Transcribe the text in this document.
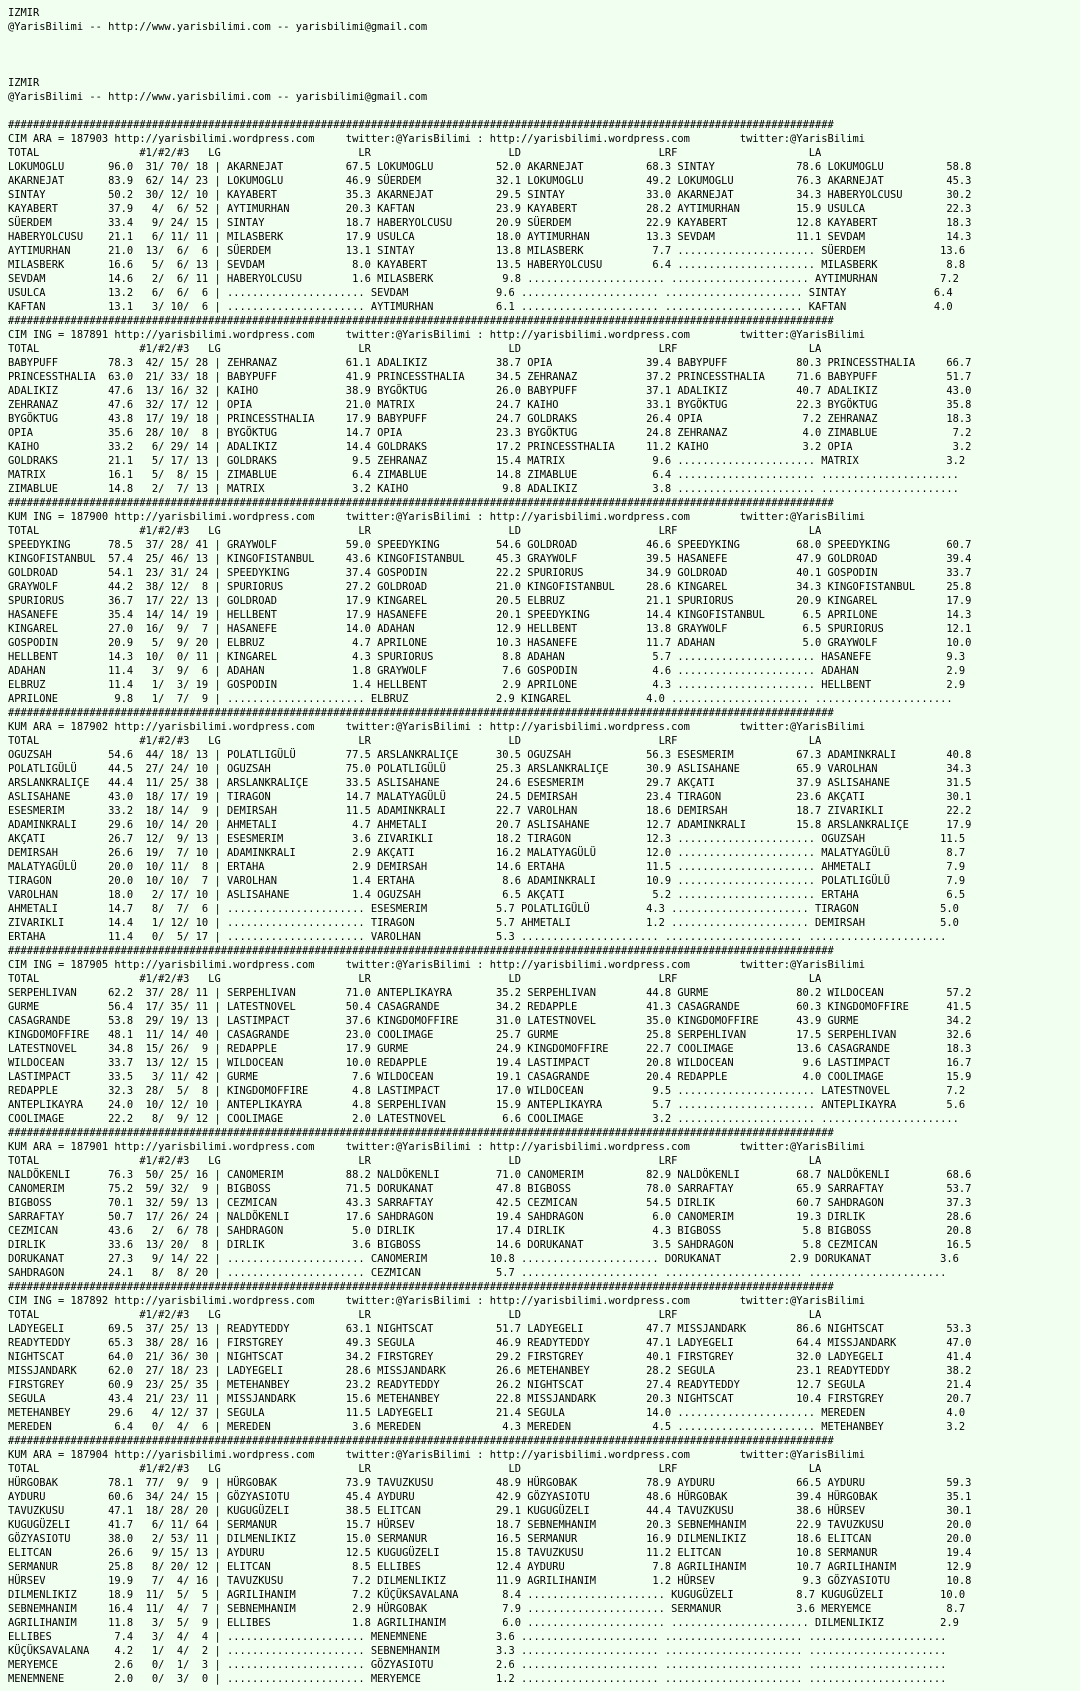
IZMIR
@YarisBilimi -- http://www.yarisbilimi.com -- yarisbilimi@gmail.com
IZMIR
@YarisBilimi -- http://www.yarisbilimi.com -- yarisbilimi@gmail.com
####################################################################################################################################
CIM ARA = 187903 http://yarisbilimi.wordpress.com     twitter:@YarisBilimi : http://yarisbilimi.wordpress.com        twitter:@YarisBilimi
TOTAL                #1/#2/#3   LG                      LR                      LD                      LRF                     LA
LOKUMOGLU       96.0  31/ 70/ 18 | AKARNEJAT          67.5 LOKUMOGLU          52.0 AKARNEJAT          68.3 SINTAY             78.6 LOKUMOGLU          58.8
AKARNEJAT       83.9  62/ 14/ 23 | LOKUMOGLU          46.9 SÜERDEM            32.1 LOKUMOGLU          49.2 LOKUMOGLU          76.3 AKARNEJAT          45.3
SINTAY          50.2  30/ 12/ 10 | KAYABERT           35.3 AKARNEJAT          29.5 SINTAY             33.0 AKARNEJAT          34.3 HABERYOLCUSU       30.2
KAYABERT        37.9   4/  6/ 52 | AYTIMURHAN         20.3 KAFTAN             23.9 KAYABERT           28.2 AYTIMURHAN         15.9 USULCA             22.3
SÜERDEM         33.4   9/ 24/ 15 | SINTAY             18.7 HABERYOLCUSU       20.9 SÜERDEM            22.9 KAYABERT           12.8 KAYABERT           18.3
HABERYOLCUSU    21.1   6/ 11/ 11 | MILASBERK          17.9 USULCA             18.0 AYTIMURHAN         13.3 SEVDAM             11.1 SEVDAM             14.3
AYTIMURHAN      21.0  13/  6/  6 | SÜERDEM            13.1 SINTAY             13.8 MILASBERK           7.7 ...................... SÜERDEM            13.6
MILASBERK       16.6   5/  6/ 13 | SEVDAM              8.0 KAYABERT           13.5 HABERYOLCUSU        6.4 ...................... MILASBERK           8.8
SEVDAM          14.6   2/  6/ 11 | HABERYOLCUSU        1.6 MILASBERK           9.8 ...................... ...................... AYTIMURHAN          7.2
USULCA          13.2   6/  6/  6 | ...................... SEVDAM              9.6 ...................... ...................... SINTAY              6.4
KAFTAN          13.1   3/ 10/  6 | ...................... AYTIMURHAN          6.1 ...................... ...................... KAFTAN              4.0
####################################################################################################################################
CIM ING = 187891 http://yarisbilimi.wordpress.com     twitter:@YarisBilimi : http://yarisbilimi.wordpress.com        twitter:@YarisBilimi
TOTAL                #1/#2/#3   LG                      LR                      LD                      LRF                     LA
BABYPUFF        78.3  42/ 15/ 28 | ZEHRANAZ           61.1 ADALIKIZ           38.7 OPIA               39.4 BABYPUFF           80.3 PRINCESSTHALIA     66.7
PRINCESSTHALIA  63.0  21/ 33/ 18 | BABYPUFF           41.9 PRINCESSTHALIA     34.5 ZEHRANAZ           37.2 PRINCESSTHALIA     71.6 BABYPUFF           51.7
ADALIKIZ        47.6  13/ 16/ 32 | KAIHO              38.9 BYGÖKTUG           26.0 BABYPUFF           37.1 ADALIKIZ           40.7 ADALIKIZ           43.0
ZEHRANAZ        47.6  32/ 17/ 12 | OPIA               21.0 MATRIX             24.7 KAIHO              33.1 BYGÖKTUG           22.3 BYGÖKTUG           35.8
BYGÖKTUG        43.8  17/ 19/ 18 | PRINCESSTHALIA     17.9 BABYPUFF           24.7 GOLDRAKS           26.4 OPIA                7.2 ZEHRANAZ           18.3
OPIA            35.6  28/ 10/  8 | BYGÖKTUG           14.7 OPIA               23.3 BYGÖKTUG           24.8 ZEHRANAZ            4.0 ZIMABLUE            7.2
KAIHO           33.2   6/ 29/ 14 | ADALIKIZ           14.4 GOLDRAKS           17.2 PRINCESSTHALIA     11.2 KAIHO               3.2 OPIA                3.2
GOLDRAKS        21.1   5/ 17/ 13 | GOLDRAKS            9.5 ZEHRANAZ           15.4 MATRIX              9.6 ...................... MATRIX              3.2
MATRIX          16.1   5/  8/ 15 | ZIMABLUE            6.4 ZIMABLUE           14.8 ZIMABLUE            6.4 ...................... ......................
ZIMABLUE        14.8   2/  7/ 13 | MATRIX              3.2 KAIHO               9.8 ADALIKIZ            3.8 ...................... ......................
####################################################################################################################################
KUM ING = 187900 http://yarisbilimi.wordpress.com     twitter:@YarisBilimi : http://yarisbilimi.wordpress.com        twitter:@YarisBilimi
TOTAL                #1/#2/#3   LG                      LR                      LD                      LRF                     LA
SPEEDYKING      78.5  37/ 28/ 41 | GRAYWOLF           59.0 SPEEDYKING         54.6 GOLDROAD           46.6 SPEEDYKING         68.0 SPEEDYKING         60.7
KINGOFISTANBUL  57.4  25/ 46/ 13 | KINGOFISTANBUL     43.6 KINGOFISTANBUL     45.3 GRAYWOLF           39.5 HASANEFE           47.9 GOLDROAD           39.4
GOLDROAD        54.1  23/ 31/ 24 | SPEEDYKING         37.4 GOSPODIN           22.2 SPURIORUS          34.9 GOLDROAD           40.1 GOSPODIN           33.7
GRAYWOLF        44.2  38/ 12/  8 | SPURIORUS          27.2 GOLDROAD           21.0 KINGOFISTANBUL     28.6 KINGAREL           34.3 KINGOFISTANBUL     25.8
SPURIORUS       36.7  17/ 22/ 13 | GOLDROAD           17.9 KINGAREL           20.5 ELBRUZ             21.1 SPURIORUS          20.9 KINGAREL           17.9
HASANEFE        35.4  14/ 14/ 19 | HELLBENT           17.9 HASANEFE           20.1 SPEEDYKING         14.4 KINGOFISTANBUL      6.5 APRILONE           14.3
KINGAREL        27.0  16/  9/  7 | HASANEFE           14.0 ADAHAN             12.9 HELLBENT           13.8 GRAYWOLF            6.5 SPURIORUS          12.1
GOSPODIN        20.9   5/  9/ 20 | ELBRUZ              4.7 APRILONE           10.3 HASANEFE           11.7 ADAHAN              5.0 GRAYWOLF           10.0
HELLBENT        14.3  10/  0/ 11 | KINGAREL            4.3 SPURIORUS           8.8 ADAHAN              5.7 ...................... HASANEFE            9.3
ADAHAN          11.4   3/  9/  6 | ADAHAN              1.8 GRAYWOLF            7.6 GOSPODIN            4.6 ...................... ADAHAN              2.9
ELBRUZ          11.4   1/  3/ 19 | GOSPODIN            1.4 HELLBENT            2.9 APRILONE            4.3 ...................... HELLBENT            2.9
APRILONE         9.8   1/  7/  9 | ...................... ELBRUZ              2.9 KINGAREL            4.0 ...................... ......................
####################################################################################################################################
KUM ARA = 187902 http://yarisbilimi.wordpress.com     twitter:@YarisBilimi : http://yarisbilimi.wordpress.com        twitter:@YarisBilimi
TOTAL                #1/#2/#3   LG                      LR                      LD                      LRF                     LA
OGUZSAH         54.6  44/ 18/ 13 | POLATLIGÜLÜ        77.5 ARSLANKRALIÇE      30.5 OGUZSAH            56.3 ESESMERIM          67.3 ADAMINKRALI        40.8
POLATLIGÜLÜ     44.5  27/ 24/ 10 | OGUZSAH            75.0 POLATLIGÜLÜ        25.3 ARSLANKRALIÇE      30.9 ASLISAHANE         65.9 VAROLHAN           34.3
ARSLANKRALIÇE   44.4  11/ 25/ 38 | ARSLANKRALIÇE      33.5 ASLISAHANE         24.6 ESESMERIM          29.7 AKÇATI             37.9 ASLISAHANE         31.5
ASLISAHANE      43.0  18/ 17/ 19 | TIRAGON            14.7 MALATYAGÜLÜ        24.5 DEMIRSAH           23.4 TIRAGON            23.6 AKÇATI             30.1
ESESMERIM       33.2  18/ 14/  9 | DEMIRSAH           11.5 ADAMINKRALI        22.7 VAROLHAN           18.6 DEMIRSAH           18.7 ZIVARIKLI          22.2
ADAMINKRALI     29.6  10/ 14/ 20 | AHMETALI            4.7 AHMETALI           20.7 ASLISAHANE         12.7 ADAMINKRALI        15.8 ARSLANKRALIÇE      17.9
AKÇATI          26.7  12/  9/ 13 | ESESMERIM           3.6 ZIVARIKLI          18.2 TIRAGON            12.3 ...................... OGUZSAH            11.5
DEMIRSAH        26.6  19/  7/ 10 | ADAMINKRALI         2.9 AKÇATI             16.2 MALATYAGÜLÜ        12.0 ...................... MALATYAGÜLÜ         8.7
MALATYAGÜLÜ     20.0  10/ 11/  8 | ERTAHA              2.9 DEMIRSAH           14.6 ERTAHA             11.5 ...................... AHMETALI            7.9
TIRAGON         20.0  10/ 10/  7 | VAROLHAN            1.4 ERTAHA              8.6 ADAMINKRALI        10.9 ...................... POLATLIGÜLÜ         7.9
VAROLHAN        18.0   2/ 17/ 10 | ASLISAHANE          1.4 OGUZSAH             6.5 AKÇATI              5.2 ...................... ERTAHA              6.5
AHMETALI        14.7   8/  7/  6 | ...................... ESESMERIM           5.7 POLATLIGÜLÜ         4.3 ...................... TIRAGON             5.0
ZIVARIKLI       14.4   1/ 12/ 10 | ...................... TIRAGON             5.7 AHMETALI            1.2 ...................... DEMIRSAH            5.0
ERTAHA          11.4   0/  5/ 17 | ...................... VAROLHAN            5.3 ...................... ...................... ......................
####################################################################################################################################
CIM ING = 187905 http://yarisbilimi.wordpress.com     twitter:@YarisBilimi : http://yarisbilimi.wordpress.com        twitter:@YarisBilimi
TOTAL                #1/#2/#3   LG                      LR                      LD                      LRF                     LA
SERPEHLIVAN     62.2  37/ 28/ 11 | SERPEHLIVAN        71.0 ANTEPLIKAYRA       35.2 SERPEHLIVAN        44.8 GURME              80.2 WILDOCEAN          57.2
GURME           56.4  17/ 35/ 11 | LATESTNOVEL        50.4 CASAGRANDE         34.2 REDAPPLE           41.3 CASAGRANDE         60.3 KINGDOMOFFIRE      41.5
CASAGRANDE      53.8  29/ 19/ 13 | LASTIMPACT         37.6 KINGDOMOFFIRE      31.0 LATESTNOVEL        35.0 KINGDOMOFFIRE      43.9 GURME              34.2
KINGDOMOFFIRE   48.1  11/ 14/ 40 | CASAGRANDE         23.0 COOLIMAGE          25.7 GURME              25.8 SERPEHLIVAN        17.5 SERPEHLIVAN        32.6
LATESTNOVEL     34.8  15/ 26/  9 | REDAPPLE           17.9 GURME              24.9 KINGDOMOFFIRE      22.7 COOLIMAGE          13.6 CASAGRANDE         18.3
WILDOCEAN       33.7  13/ 12/ 15 | WILDOCEAN          10.0 REDAPPLE           19.4 LASTIMPACT         20.8 WILDOCEAN           9.6 LASTIMPACT         16.7
LASTIMPACT      33.5   3/ 11/ 42 | GURME               7.6 WILDOCEAN          19.1 CASAGRANDE         20.4 REDAPPLE            4.0 COOLIMAGE          15.9
REDAPPLE        32.3  28/  5/  8 | KINGDOMOFFIRE       4.8 LASTIMPACT         17.0 WILDOCEAN           9.5 ...................... LATESTNOVEL         7.2
ANTEPLIKAYRA    24.0  10/ 12/ 10 | ANTEPLIKAYRA        4.8 SERPEHLIVAN        15.9 ANTEPLIKAYRA        5.7 ...................... ANTEPLIKAYRA        5.6
COOLIMAGE       22.2   8/  9/ 12 | COOLIMAGE           2.0 LATESTNOVEL         6.6 COOLIMAGE           3.2 ...................... ......................
####################################################################################################################################
KUM ARA = 187901 http://yarisbilimi.wordpress.com     twitter:@YarisBilimi : http://yarisbilimi.wordpress.com        twitter:@YarisBilimi
TOTAL                #1/#2/#3   LG                      LR                      LD                      LRF                     LA
NALDÖKENLI      76.3  50/ 25/ 16 | CANOMERIM          88.2 NALDÖKENLI         71.0 CANOMERIM          82.9 NALDÖKENLI         68.7 NALDÖKENLI         68.6
CANOMERIM       75.2  59/ 32/  9 | BIGBOSS            71.5 DORUKANAT          47.8 BIGBOSS            78.0 SARRAFTAY          65.9 SARRAFTAY          53.7
BIGBOSS         70.1  32/ 59/ 13 | CEZMICAN           43.3 SARRAFTAY          42.5 CEZMICAN           54.5 DIRLIK             60.7 SAHDRAGON          37.3
SARRAFTAY       50.7  17/ 26/ 24 | NALDÖKENLI         17.6 SAHDRAGON          19.4 SAHDRAGON           6.0 CANOMERIM          19.3 DIRLIK             28.6
CEZMICAN        43.6   2/  6/ 78 | SAHDRAGON           5.0 DIRLIK             17.4 DIRLIK              4.3 BIGBOSS             5.8 BIGBOSS            20.8
DIRLIK          33.6  13/ 20/  8 | DIRLIK              3.6 BIGBOSS            14.6 DORUKANAT           3.5 SAHDRAGON           5.8 CEZMICAN           16.5
DORUKANAT       27.3   9/ 14/ 22 | ...................... CANOMERIM          10.8 ...................... DORUKANAT           2.9 DORUKANAT           3.6
SAHDRAGON       24.1   8/  8/ 20 | ...................... CEZMICAN            5.7 ...................... ...................... ......................
####################################################################################################################################
CIM ING = 187892 http://yarisbilimi.wordpress.com     twitter:@YarisBilimi : http://yarisbilimi.wordpress.com        twitter:@YarisBilimi
TOTAL                #1/#2/#3   LG                      LR                      LD                      LRF                     LA
LADYEGELI       69.5  37/ 25/ 13 | READYTEDDY         63.1 NIGHTSCAT          51.7 LADYEGELI          47.7 MISSJANDARK        86.6 NIGHTSCAT          53.3
READYTEDDY      65.3  38/ 28/ 16 | FIRSTGREY          49.3 SEGULA             46.9 READYTEDDY         47.1 LADYEGELI          64.4 MISSJANDARK        47.0
NIGHTSCAT       64.0  21/ 36/ 30 | NIGHTSCAT          34.2 FIRSTGREY          29.2 FIRSTGREY          40.1 FIRSTGREY          32.0 LADYEGELI          41.4
MISSJANDARK     62.0  27/ 18/ 23 | LADYEGELI          28.6 MISSJANDARK        26.6 METEHANBEY         28.2 SEGULA             23.1 READYTEDDY         38.2
FIRSTGREY       60.9  23/ 25/ 35 | METEHANBEY         23.2 READYTEDDY         26.2 NIGHTSCAT          27.4 READYTEDDY         12.7 SEGULA             21.4
SEGULA          43.4  21/ 23/ 11 | MISSJANDARK        15.6 METEHANBEY         22.8 MISSJANDARK        20.3 NIGHTSCAT          10.4 FIRSTGREY          20.7
METEHANBEY      29.6   4/ 12/ 37 | SEGULA             11.5 LADYEGELI          21.4 SEGULA             14.0 ...................... MEREDEN             4.0
MEREDEN          6.4   0/  4/  6 | MEREDEN             3.6 MEREDEN             4.3 MEREDEN             4.5 ...................... METEHANBEY          3.2
####################################################################################################################################
KUM ARA = 187904 http://yarisbilimi.wordpress.com     twitter:@YarisBilimi : http://yarisbilimi.wordpress.com        twitter:@YarisBilimi
TOTAL                #1/#2/#3   LG                      LR                      LD                      LRF                     LA
HÜRGOBAK        78.1  77/  9/  9 | HÜRGOBAK           73.9 TAVUZKUSU          48.9 HÜRGOBAK           78.9 AYDURU             66.5 AYDURU             59.3
AYDURU          60.6  34/ 24/ 15 | GÖZYASIOTU         45.4 AYDURU             42.9 GÖZYASIOTU         48.6 HÜRGOBAK           39.4 HÜRGOBAK           35.1
TAVUZKUSU       47.1  18/ 28/ 20 | KUGUGÜZELI         38.5 ELITCAN            29.1 KUGUGÜZELI         44.4 TAVUZKUSU          38.6 HÜRSEV             30.1
KUGUGÜZELI      41.7   6/ 11/ 64 | SERMANUR           15.7 HÜRSEV             18.7 SEBNEMHANIM        20.3 SEBNEMHANIM        22.9 TAVUZKUSU          20.0
GÖZYASIOTU      38.0   2/ 53/ 11 | DILMENLIKIZ        15.0 SERMANUR           16.5 SERMANUR           16.9 DILMENLIKIZ        18.6 ELITCAN            20.0
ELITCAN         26.6   9/ 15/ 13 | AYDURU             12.5 KUGUGÜZELI         15.8 TAVUZKUSU          11.2 ELITCAN            10.8 SERMANUR           19.4
SERMANUR        25.8   8/ 20/ 12 | ELITCAN             8.5 ELLIBES            12.4 AYDURU              7.8 AGRILIHANIM        10.7 AGRILIHANIM        12.9
HÜRSEV          19.9   7/  4/ 16 | TAVUZKUSU           7.2 DILMENLIKIZ        11.9 AGRILIHANIM         1.2 HÜRSEV              9.3 GÖZYASIOTU         10.8
DILMENLIKIZ     18.9  11/  5/  5 | AGRILIHANIM         7.2 KÜÇÜKSAVALANA       8.4 ...................... KUGUGÜZELI          8.7 KUGUGÜZELI         10.0
SEBNEMHANIM     16.4  11/  4/  7 | SEBNEMHANIM         2.9 HÜRGOBAK            7.9 ...................... SERMANUR            3.6 MERYEMCE            8.7
AGRILIHANIM     11.8   3/  5/  9 | ELLIBES             1.8 AGRILIHANIM         6.0 ...................... ...................... DILMENLIKIZ         2.9
ELLIBES          7.4   3/  4/  4 | ...................... MENEMNENE           3.6 ...................... ...................... ......................
KÜÇÜKSAVALANA    4.2   1/  4/  2 | ...................... SEBNEMHANIM         3.3 ...................... ...................... ......................
MERYEMCE         2.6   0/  1/  3 | ...................... GÖZYASIOTU          2.6 ...................... ...................... ......................
MENEMNENE        2.0   0/  3/  0 | ...................... MERYEMCE            1.2 ...................... ...................... ......................
